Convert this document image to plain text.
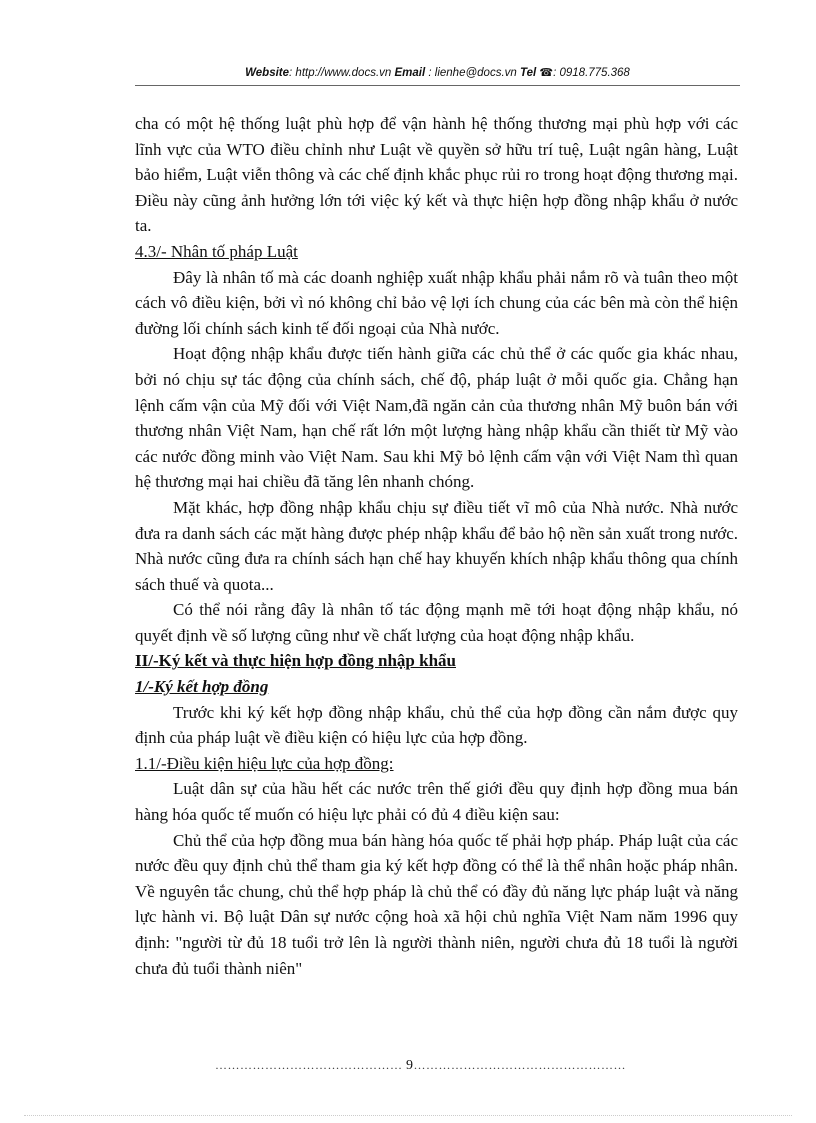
Website: http://www.docs.vn Email : lienhe@docs.vn Tel ☎: 0918.775.368

cha có một hệ thống luật phù hợp để vận hành hệ thống thương mại phù hợp với các lĩnh vực của WTO điều chỉnh như Luật về quyền sở hữu trí tuệ, Luật ngân hàng, Luật bảo hiểm, Luật viễn thông và các chế định khắc phục rủi ro trong hoạt động thương mại. Điều này cũng ảnh hưởng lớn tới việc ký kết và thực hiện hợp đồng nhập khẩu ở nước ta.

4.3/- Nhân tố pháp Luật

Đây là nhân tố mà các doanh nghiệp xuất nhập khẩu phải nắm rõ và tuân theo một cách vô điều kiện, bởi vì nó không chỉ bảo vệ lợi ích chung của các bên mà còn thể hiện đường lối chính sách kinh tế đối ngoại của Nhà nước.

Hoạt động nhập khẩu được tiến hành giữa các chủ thể ở các quốc gia khác nhau, bởi nó chịu sự tác động của chính sách, chế độ, pháp luật ở mỗi quốc gia. Chẳng hạn lệnh cấm vận của Mỹ đối với Việt Nam,đã ngăn cản của thương nhân Mỹ buôn bán với thương nhân Việt Nam, hạn chế rất lớn một lượng hàng nhập khẩu cần thiết từ Mỹ vào các nước đồng minh vào Việt Nam. Sau khi Mỹ bỏ lệnh cấm vận với Việt Nam thì quan hệ thương mại hai chiều đã tăng lên nhanh chóng.

Mặt khác, hợp đồng nhập khẩu chịu sự điều tiết vĩ mô của Nhà nước. Nhà nước đưa ra danh sách các mặt hàng được phép nhập khẩu để bảo hộ nền sản xuất trong nước. Nhà nước cũng đưa ra chính sách hạn chế hay khuyến khích nhập khẩu thông qua chính sách thuế và quota...

Có thể nói rằng đây là nhân tố tác động mạnh mẽ tới hoạt động nhập khẩu, nó quyết định về số lượng cũng như về chất lượng của hoạt động nhập khẩu.

II/-Ký kết và thực hiện hợp đồng nhập khẩu

1/-Ký kết hợp đồng

Trước khi ký kết hợp đồng nhập khẩu, chủ thể của hợp đồng cần nắm được quy định của pháp luật về điều kiện có hiệu lực của hợp đồng.

1.1/-Điều kiện hiệu lực của hợp đồng:

Luật dân sự của hầu hết các nước trên thế giới đều quy định hợp đồng mua bán hàng hóa quốc tế muốn có hiệu lực phải có đủ 4 điều kiện sau:

Chủ thể của hợp đồng mua bán hàng hóa quốc tế phải hợp pháp. Pháp luật của các nước đều quy định chủ thể tham gia ký kết hợp đồng có thể là thể nhân hoặc pháp nhân. Về nguyên tắc chung, chủ thể hợp pháp là chủ thể có đầy đủ năng lực pháp luật và năng lực hành vi. Bộ luật Dân sự nước cộng hoà xã hội chủ nghĩa Việt Nam năm 1996 quy định: "người từ đủ 18 tuổi trở lên là người thành niên, người chưa đủ 18 tuổi là người chưa đủ tuổi thành niên"

……………………………………… 9……………………………………………
